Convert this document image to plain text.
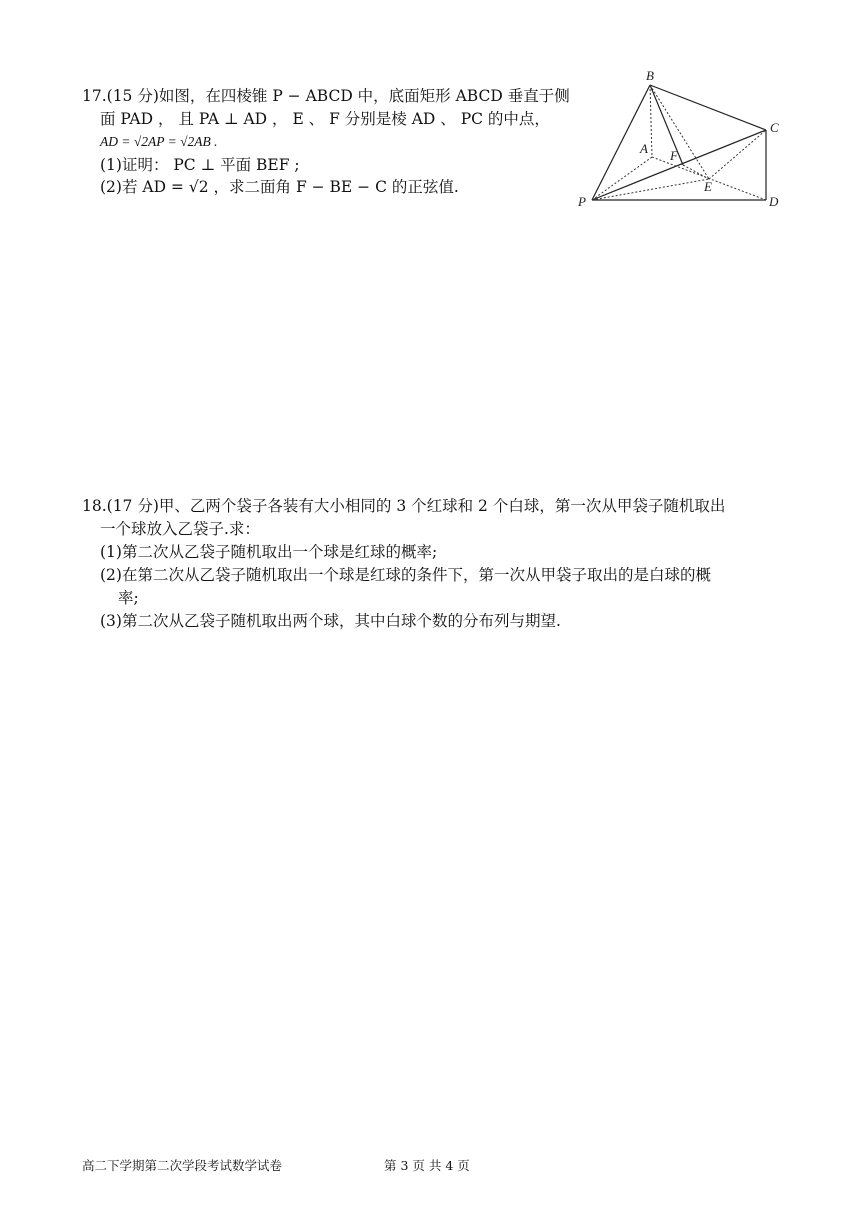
17.(15 分)如图，在四棱锥 P − ABCD 中，底面矩形 ABCD 垂直于侧
面 PAD ， 且 PA ⊥ AD ， E 、 F 分别是棱 AD 、 PC 的中点，
AD = √2AP = √2AB .
(1)证明： PC ⊥ 平面 BEF ;
(2)若 AD = √2 ，求二面角 F − BE − C 的正弦值.
B
C
A F
E
P	D
18.(17 分)甲、乙两个袋子各装有大小相同的 3 个红球和 2 个白球，第一次从甲袋子随机取出
一个球放入乙袋子.求：
(1)第二次从乙袋子随机取出一个球是红球的概率;
(2)在第二次从乙袋子随机取出一个球是红球的条件下，第一次从甲袋子取出的是白球的概
率;
(3)第二次从乙袋子随机取出两个球，其中白球个数的分布列与期望.
高二下学期第二次学段考试数学试卷	第 3 页 共 4 页
